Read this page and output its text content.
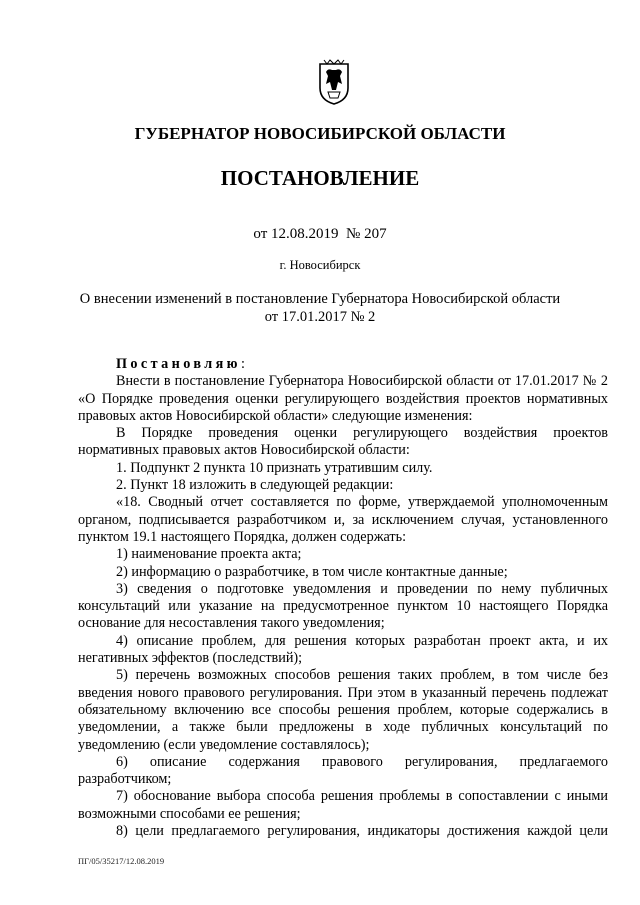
ГУБЕРНАТОР НОВОСИБИРСКОЙ ОБЛАСТИ
ПОСТАНОВЛЕНИЕ
от 12.08.2019  № 207
г. Новосибирск
О внесении изменений в постановление Губернатора Новосибирской области
от 17.01.2017 № 2

Постановляю:

Внести в постановление Губернатора Новосибирской области от 17.01.2017 № 2 «О Порядке проведения оценки регулирующего воздействия проектов нормативных правовых актов Новосибирской области» следующие изменения:

В Порядке проведения оценки регулирующего воздействия проектов нормативных правовых актов Новосибирской области:

1. Подпункт 2 пункта 10 признать утратившим силу.

2. Пункт 18 изложить в следующей редакции:

«18. Сводный отчет составляется по форме, утверждаемой уполномоченным органом, подписывается разработчиком и, за исключением случая, установленного пунктом 19.1 настоящего Порядка, должен содержать:

1) наименование проекта акта;

2) информацию о разработчике, в том числе контактные данные;

3) сведения о подготовке уведомления и проведении по нему публичных консультаций или указание на предусмотренное пунктом 10 настоящего Порядка основание для несоставления такого уведомления;

4) описание проблем, для решения которых разработан проект акта, и их негативных эффектов (последствий);

5) перечень возможных способов решения таких проблем, в том числе без введения нового правового регулирования. При этом в указанный перечень подлежат обязательному включению все способы решения проблем, которые содержались в уведомлении, а также были предложены в ходе публичных консультаций по уведомлению (если уведомление составлялось);

6) описание содержания правового регулирования, предлагаемого разработчиком;

7) обоснование выбора способа решения проблемы в сопоставлении с иными возможными способами ее решения;

8) цели предлагаемого регулирования, индикаторы достижения каждой цели

ПГ/05/35217/12.08.2019
